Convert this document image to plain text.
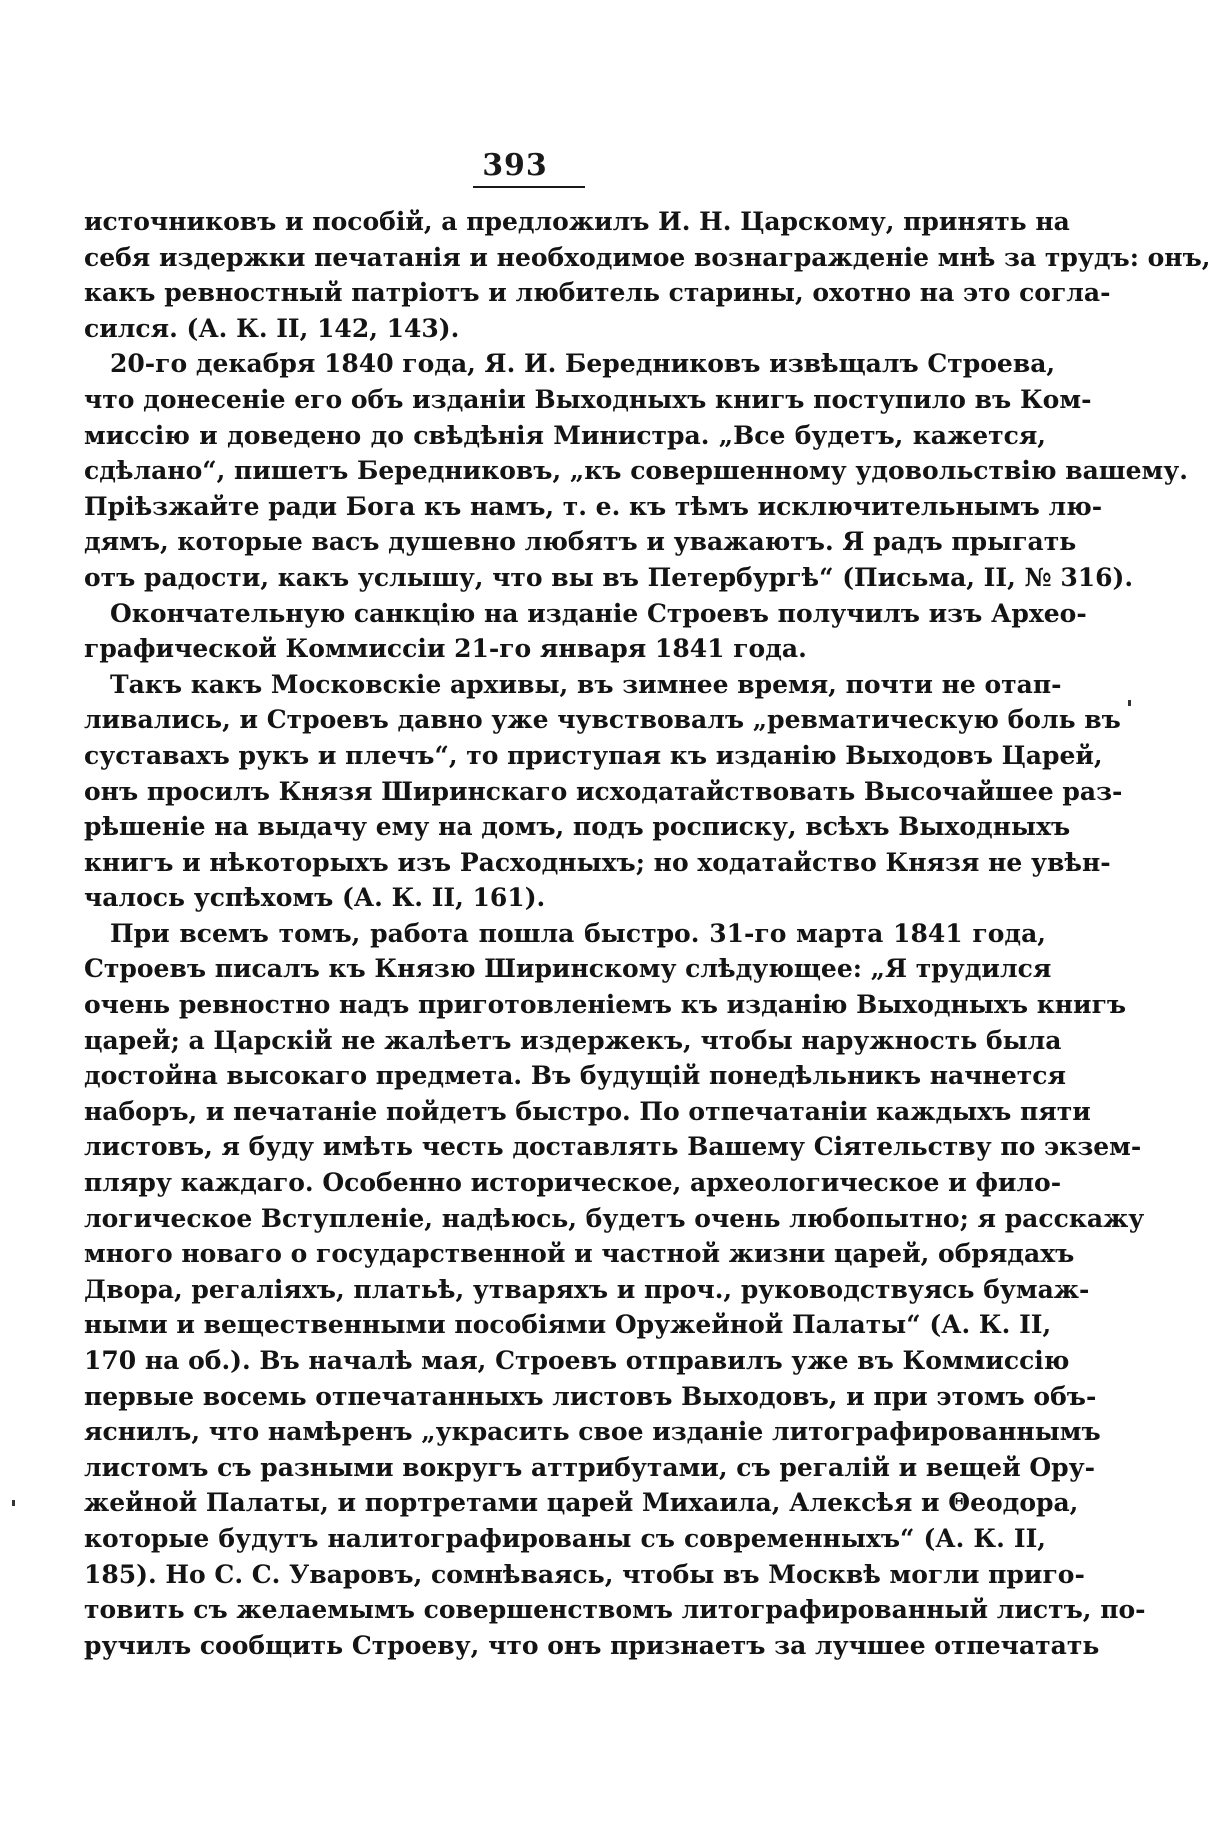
393
источниковъ и пособій, а предложилъ И. Н. Царскому, принять на
себя издержки печатанія и необходимое вознагражденіе мнѣ за трудъ: онъ,
какъ ревностный патріотъ и любитель старины, охотно на это согла-
сился. (А. К. II, 142, 143).
20-го декабря 1840 года, Я. И. Бередниковъ извѣщалъ Строева,
что донесеніе его объ изданіи Выходныхъ книгъ поступило въ Ком-
миссію и доведено до свѣдѣнія Министра. „Все будетъ, кажется,
сдѣлано“, пишетъ Бередниковъ, „къ совершенному удовольствію вашему.
Пріѣзжайте ради Бога къ намъ, т. е. къ тѣмъ исключительнымъ лю-
дямъ, которые васъ душевно любятъ и уважаютъ. Я радъ прыгать
отъ радости, какъ услышу, что вы въ Петербургѣ“ (Письма, II, № 316).
Окончательную санкцію на изданіе Строевъ получилъ изъ Архео-
графической Коммиссіи 21-го января 1841 года.
Такъ какъ Московскіе архивы, въ зимнее время, почти не отап-
ливались, и Строевъ давно уже чувствовалъ „ревматическую боль въ
суставахъ рукъ и плечъ“, то приступая къ изданію Выходовъ Царей,
онъ просилъ Князя Ширинскаго исходатайствовать Высочайшее раз-
рѣшеніе на выдачу ему на домъ, подъ росписку, всѣхъ Выходныхъ
книгъ и нѣкоторыхъ изъ Расходныхъ; но ходатайство Князя не увѣн-
чалось успѣхомъ (А. К. II, 161).
При всемъ томъ, работа пошла быстро. 31-го марта 1841 года,
Строевъ писалъ къ Князю Ширинскому слѣдующее: „Я трудился
очень ревностно надъ приготовленіемъ къ изданію Выходныхъ книгъ
царей; а Царскій не жалѣетъ издержекъ, чтобы наружность была
достойна высокаго предмета. Въ будущій понедѣльникъ начнется
наборъ, и печатаніе пойдетъ быстро. По отпечатаніи каждыхъ пяти
листовъ, я буду имѣть честь доставлять Вашему Сіятельству по экзем-
пляру каждаго. Особенно историческое, археологическое и фило-
логическое Вступленіе, надѣюсь, будетъ очень любопытно; я расскажу
много новаго о государственной и частной жизни царей, обрядахъ
Двора, регаліяхъ, платьѣ, утваряхъ и проч., руководствуясь бумаж-
ными и вещественными пособіями Оружейной Палаты“ (А. К. II,
170 на об.). Въ началѣ мая, Строевъ отправилъ уже въ Коммиссію
первые восемь отпечатанныхъ листовъ Выходовъ, и при этомъ объ-
яснилъ, что намѣренъ „украсить свое изданіе литографированнымъ
листомъ съ разными вокругъ аттрибутами, съ регалій и вещей Ору-
жейной Палаты, и портретами царей Михаила, Алексѣя и Θеодора,
которые будутъ налитографированы съ современныхъ“ (А. К. II,
185). Но С. С. Уваровъ, сомнѣваясь, чтобы въ Москвѣ могли приго-
товить съ желаемымъ совершенствомъ литографированный листъ, по-
ручилъ сообщить Строеву, что онъ признаетъ за лучшее отпечатать
